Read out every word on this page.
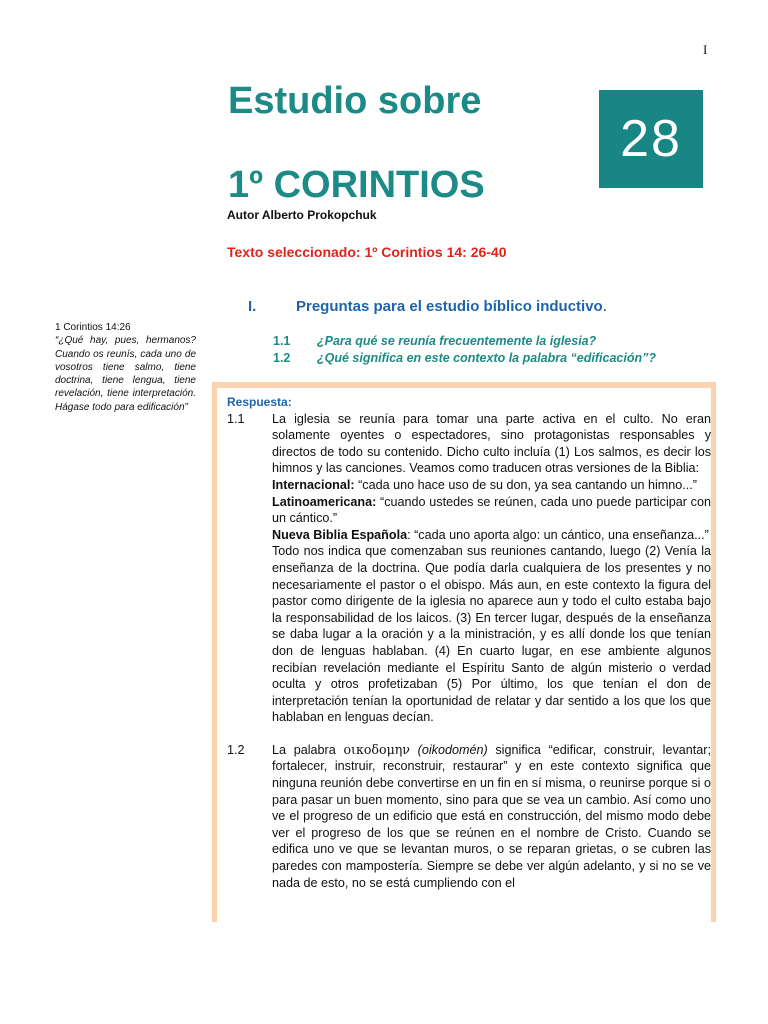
I
Estudio sobre
1º CORINTIOS
28
Autor Alberto Prokopchuk
Texto seleccionado: 1º Corintios 14: 26-40
I.	Preguntas para el estudio bíblico inductivo.
1.1 ¿Para qué se reunía frecuentemente la iglesia?
1.2 ¿Qué significa en este contexto la palabra “edificación”?
1 Corintios 14:26
“¿Qué hay, pues, hermanos? Cuando os reunís, cada uno de vosotros tiene salmo, tiene doctrina, tiene lengua, tiene revelación, tiene interpretación. Hágase todo para edificación”	Respuesta:
1.1	La iglesia se reunía para tomar una parte activa en el culto. No eran solamente oyentes o espectadores, sino protagonistas responsables y directos de todo su contenido. Dicho culto incluía (1) Los salmos, es decir los himnos y las canciones. Veamos como traducen otras versiones de la Biblia:

Internacional: “cada uno hace uso de su don, ya sea cantando un himno...”

Latinoamericana: “cuando ustedes se reúnen, cada uno puede participar con un cántico.”

Nueva Biblia Española: “cada uno aporta algo: un cántico, una enseñanza...”

Todo nos indica que comenzaban sus reuniones cantando, luego (2) Venía la enseñanza de la doctrina. Que podía darla cualquiera de los presentes y no necesariamente el pastor o el obispo. Más aun, en este contexto la figura del pastor como dirigente de la iglesia no aparece aun y todo el culto estaba bajo la responsabilidad de los laicos. (3) En tercer lugar, después de la enseñanza se daba lugar a la oración y a la ministración, y es allí donde los que tenían don de lenguas hablaban. (4) En cuarto lugar, en ese ambiente algunos recibían revelación mediante el Espíritu Santo de algún misterio o verdad oculta y otros profetizaban (5) Por último, los que tenían el don de interpretación tenían la oportunidad de relatar y dar sentido a los que los que hablaban en lenguas decían.

1.2	La palabra οικοδομην (oikodomén) significa “edificar, construir, levantar; fortalecer, instruir, reconstruir, restaurar” y en este contexto significa que ninguna reunión debe convertirse en un fin en sí misma, o reunirse porque si o para pasar un buen momento, sino para que se vea un cambio. Así como uno ve el progreso de un edificio que está en construcción, del mismo modo debe ver el progreso de los que se reúnen en el nombre de Cristo. Cuando se edifica uno ve que se levantan muros, o se reparan grietas, o se cubren las paredes con mampostería. Siempre se debe ver algún adelanto, y si no se ve nada de esto, no se está cumpliendo con el
